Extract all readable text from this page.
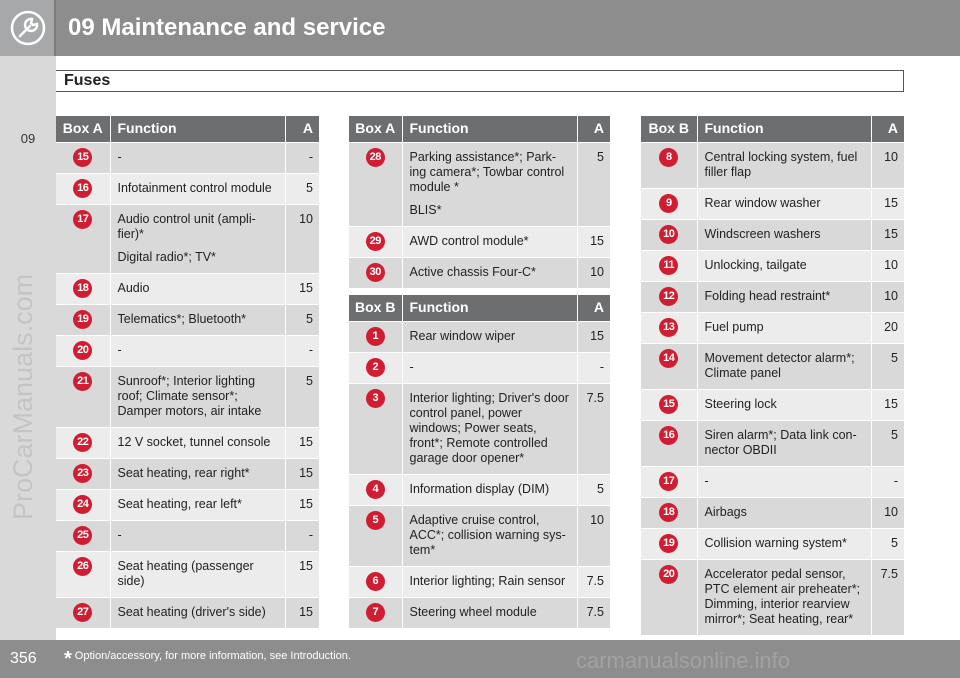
09 Maintenance and service
09
Fuses
ProCarManuals.com
Box A	Function	A
15	-	-
16	Infotainment control module	5
17	Audio control unit (ampli-fier)*
Digital radio*; TV*	10
18	Audio	15
19	Telematics*; Bluetooth*	5
20	-	-
21	Sunroof*; Interior lighting roof; Climate sensor*; Damper motors, air intake	5
22	12 V socket, tunnel console	15
23	Seat heating, rear right*	15
24	Seat heating, rear left*	15
25	-	-
26	Seat heating (passenger side)	15
27	Seat heating (driver's side)	15
Box A	Function	A
28	Parking assistance*; Park-ing camera*; Towbar control module *
BLIS*	5
29	AWD control module*	15
30	Active chassis Four-C*	10
Box B	Function	A
1	Rear window wiper	15
2	-	-
3	Interior lighting; Driver's door control panel, power windows; Power seats, front*; Remote controlled garage door opener*	7.5
4	Information display (DIM)	5
5	Adaptive cruise control, ACC*; collision warning sys-tem*	10
6	Interior lighting; Rain sensor	7.5
7	Steering wheel module	7.5
Box B	Function	A
8	Central locking system, fuel filler flap	10
9	Rear window washer	15
10	Windscreen washers	15
11	Unlocking, tailgate	10
12	Folding head restraint*	10
13	Fuel pump	20
14	Movement detector alarm*; Climate panel	5
15	Steering lock	15
16	Siren alarm*; Data link con-nector OBDII	5
17	-	-
18	Airbags	10
19	Collision warning system*	5
20	Accelerator pedal sensor, PTC element air preheater*; Dimming, interior rearview mirror*; Seat heating, rear*	7.5
356 * Option/accessory, for more information, see Introduction.	carmanualsonline.info
